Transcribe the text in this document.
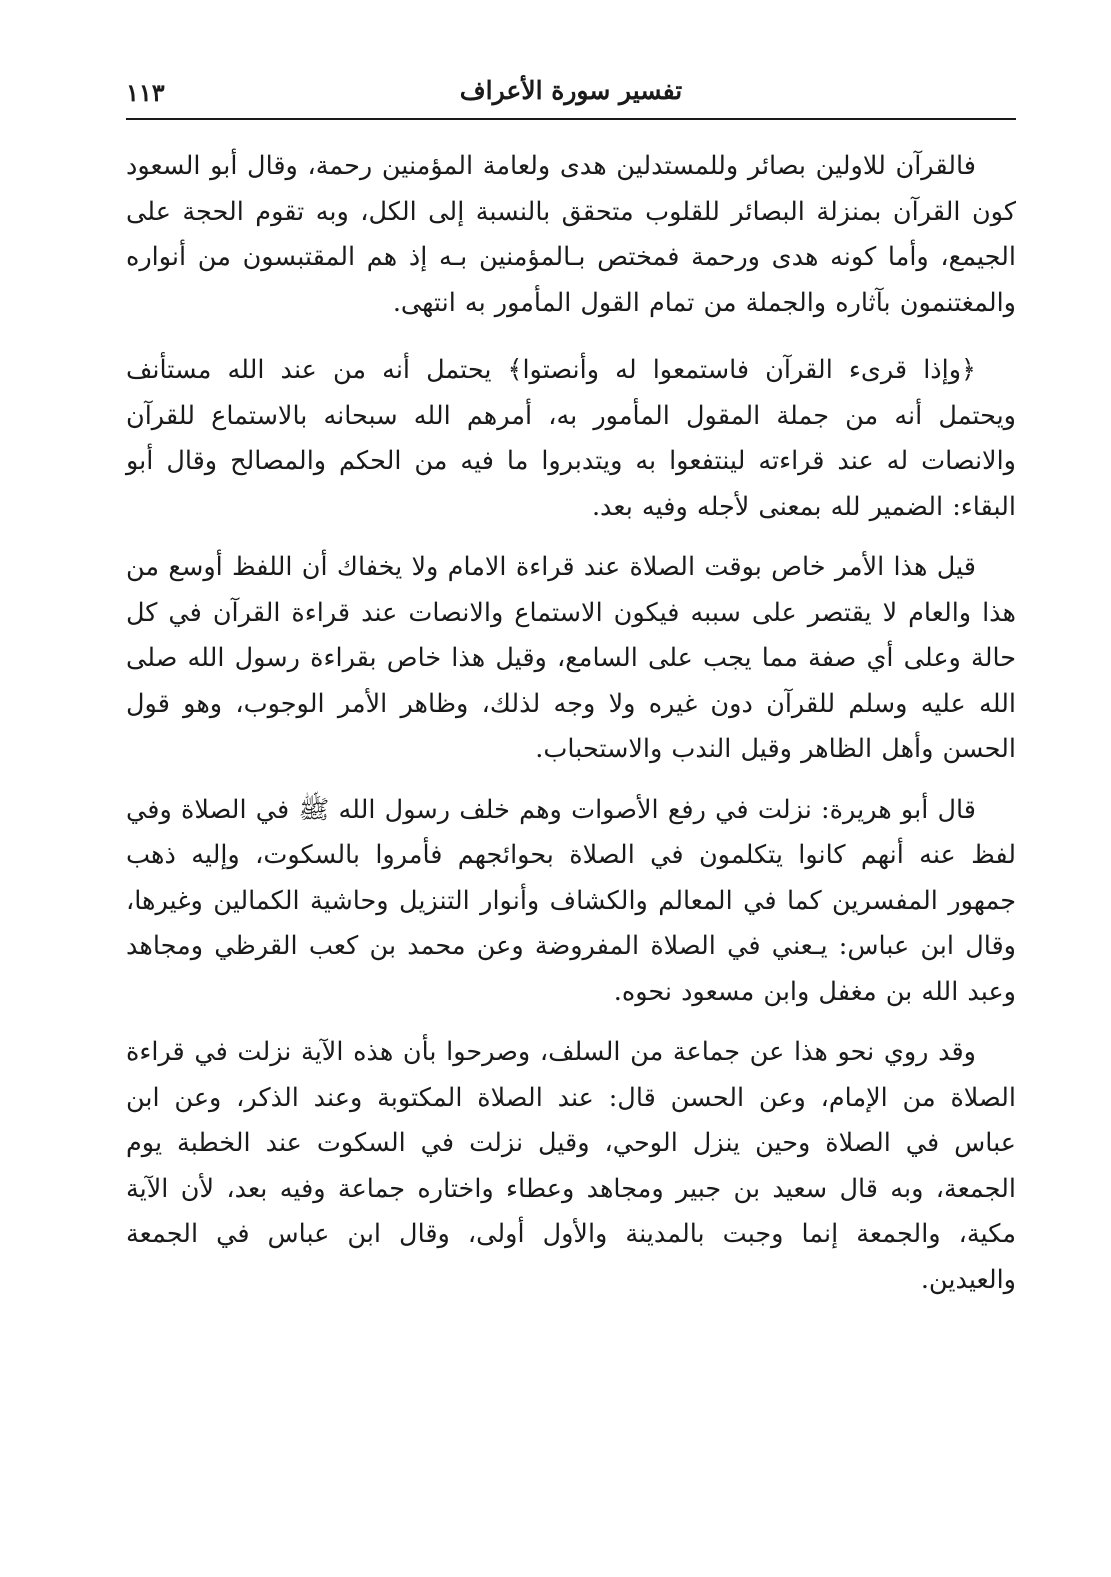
تفسير سورة الأعراف
١١٣

فالقرآن للاولين بصائر وللمستدلين هدى ولعامة المؤمنين رحمة، وقال أبو السعود كون القرآن بمنزلة البصائر للقلوب متحقق بالنسبة إلى الكل، وبه تقوم الحجة على الجيمع، وأما كونه هدى ورحمة فمختص بـالمؤمنين بـه إذ هم المقتبسون من أنواره والمغتنمون بآثاره والجملة من تمام القول المأمور به انتهى.

﴿وإذا قرىء القرآن فاستمعوا له وأنصتوا﴾ يحتمل أنه من عند الله مستأنف ويحتمل أنه من جملة المقول المأمور به، أمرهم الله سبحانه بالاستماع للقرآن والانصات له عند قراءته لينتفعوا به ويتدبروا ما فيه من الحكم والمصالح وقال أبو البقاء: الضمير لله بمعنى لأجله وفيه بعد.

قيل هذا الأمر خاص بوقت الصلاة عند قراءة الامام ولا يخفاك أن اللفظ أوسع من هذا والعام لا يقتصر على سببه فيكون الاستماع والانصات عند قراءة القرآن في كل حالة وعلى أي صفة مما يجب على السامع، وقيل هذا خاص بقراءة رسول الله صلى الله عليه وسلم للقرآن دون غيره ولا وجه لذلك، وظاهر الأمر الوجوب، وهو قول الحسن وأهل الظاهر وقيل الندب والاستحباب.

قال أبو هريرة: نزلت في رفع الأصوات وهم خلف رسول الله ﷺ في الصلاة وفي لفظ عنه أنهم كانوا يتكلمون في الصلاة بحوائجهم فأمروا بالسكوت، وإليه ذهب جمهور المفسرين كما في المعالم والكشاف وأنوار التنزيل وحاشية الكمالين وغيرها، وقال ابن عباس: يـعني في الصلاة المفروضة وعن محمد بن كعب القرظي ومجاهد وعبد الله بن مغفل وابن مسعود نحوه.

وقد روي نحو هذا عن جماعة من السلف، وصرحوا بأن هذه الآية نزلت في قراءة الصلاة من الإمام، وعن الحسن قال: عند الصلاة المكتوبة وعند الذكر، وعن ابن عباس في الصلاة وحين ينزل الوحي، وقيل نزلت في السكوت عند الخطبة يوم الجمعة، وبه قال سعيد بن جبير ومجاهد وعطاء واختاره جماعة وفيه بعد، لأن الآية مكية، والجمعة إنما وجبت بالمدينة والأول أولى، وقال ابن عباس في الجمعة والعيدين.
